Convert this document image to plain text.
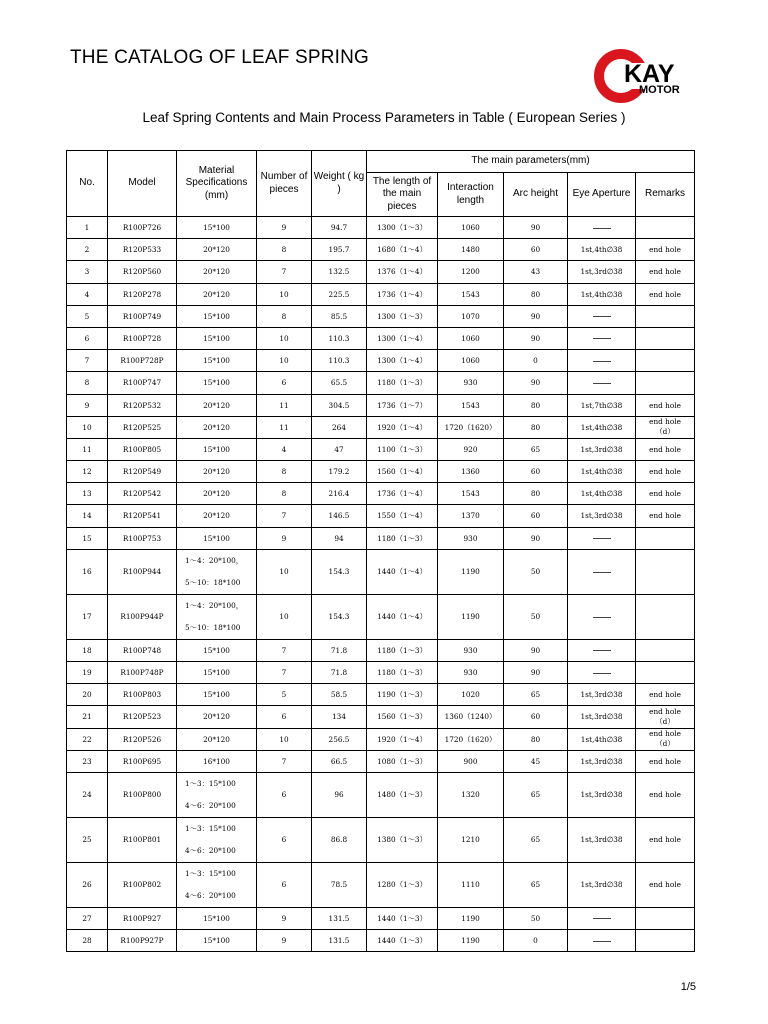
THE CATALOG OF LEAF SPRING
KAY
MOTOR
Leaf Spring Contents and Main Process Parameters in Table ( European Series )
No.	Model	Material Specifications (mm)	Number of pieces	Weight ( kg )	The main parameters(mm)				
					The length of the main pieces	Interaction length	Arc height	Eye Aperture	Remarks
1	R100P726	15*100	9	94.7	1300（1～3）	1060	90		
2	R120P533	20*120	8	195.7	1680（1～4）	1480	60	1st,4th∅38	end hole

3	R120P560	20*120	7	132.5	1376（1～4）	1200	43	1st,3rd∅38	end hole

4	R120P278	20*120	10	225.5	1736（1～4）	1543	80	1st,4th∅38	end hole

5	R100P749	15*100	8	85.5	1300（1～3）	1070	90		
6	R100P728	15*100	10	110.3	1300（1～4）	1060	90		
7	R100P728P	15*100	10	110.3	1300（1～4）	1060	0		
8	R100P747	15*100	6	65.5	1180（1～3）	930	90		
9	R120P532	20*120	11	304.5	1736（1～7）	1543	80	1st,7th∅38	end hole

10	R120P525	20*120	11	264	1920（1～4）	1720（1620）	80	1st,4th∅38	end hole
（d）

11	R100P805	15*100	4	47	1100（1～3）	920	65	1st,3rd∅38	end hole

12	R120P549	20*120	8	179.2	1560（1～4）	1360	60	1st,4th∅38	end hole

13	R120P542	20*120	8	216.4	1736（1～4）	1543	80	1st,4th∅38	end hole

14	R120P541	20*120	7	146.5	1550（1～4）	1370	60	1st,3rd∅38	end hole

15	R100P753	15*100	9	94	1180（1～3）	930	90		
16	R100P944	1～4：20*100，
5～10：18*100	10	154.3	1440（1～4）	1190	50		
17	R100P944P	1～4：20*100，
5～10：18*100	10	154.3	1440（1～4）	1190	50		
18	R100P748	15*100	7	71.8	1180（1～3）	930	90		
19	R100P748P	15*100	7	71.8	1180（1～3）	930	90		
20	R100P803	15*100	5	58.5	1190（1～3）	1020	65	1st,3rd∅38	end hole

21	R120P523	20*120	6	134	1560（1～3）	1360（1240）	60	1st,3rd∅38	end hole
（d）

22	R120P526	20*120	10	256.5	1920（1～4）	1720（1620）	80	1st,4th∅38	end hole
（d）

23	R100P695	16*100	7	66.5	1080（1～3）	900	45	1st,3rd∅38	end hole

24	R100P800	1～3：15*100
4～6：20*100	6	96	1480（1～3）	1320	65	1st,3rd∅38	end hole

25	R100P801	1～3：15*100
4～6：20*100	6	86.8	1380（1～3）	1210	65	1st,3rd∅38	end hole

26	R100P802	1～3：15*100
4～6：20*100	6	78.5	1280（1～3）	1110	65	1st,3rd∅38	end hole

27	R100P927	15*100	9	131.5	1440（1～3）	1190	50		
28	R100P927P	15*100	9	131.5	1440（1～3）	1190	0		
1/5
